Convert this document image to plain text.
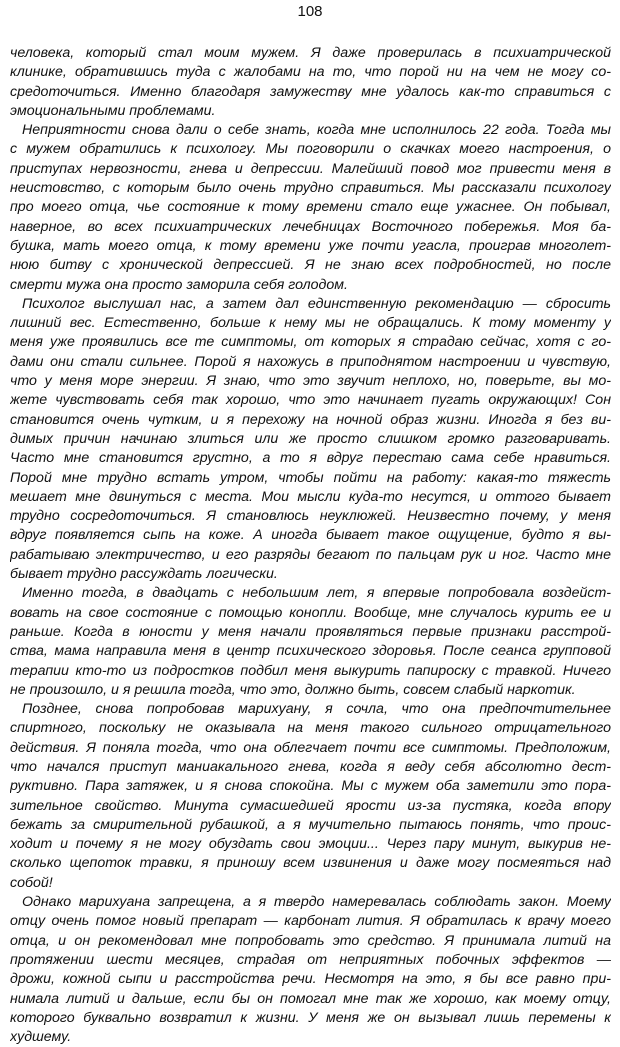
108
человека, который стал моим мужем. Я даже проверилась в психиатрической
клинике, обратившись туда с жалобами на то, что порой ни на чем не могу со-
средоточиться. Именно благодаря замужеству мне удалось как-то справиться с
эмоциональными проблемами.
Неприятности снова дали о себе знать, когда мне исполнилось 22 года. Тогда мы
с мужем обратились к психологу. Мы поговорили о скачках моего настроения, о
приступах нервозности, гнева и депрессии. Малейший повод мог привести меня в
неистовство, с которым было очень трудно справиться. Мы рассказали психологу
про моего отца, чье состояние к тому времени стало еще ужаснее. Он побывал,
наверное, во всех психиатрических лечебницах Восточного побережья. Моя ба-
бушка, мать моего отца, к тому времени уже почти угасла, проиграв многолет-
нюю битву с хронической депрессией. Я не знаю всех подробностей, но после
смерти мужа она просто заморила себя голодом.
Психолог выслушал нас, а затем дал единственную рекомендацию — сбросить
лишний вес. Естественно, больше к нему мы не обращались. К тому моменту у
меня уже проявились все те симптомы, от которых я страдаю сейчас, хотя с го-
дами они стали сильнее. Порой я нахожусь в приподнятом настроении и чувствую,
что у меня море энергии. Я знаю, что это звучит неплохо, но, поверьте, вы мо-
жете чувствовать себя так хорошо, что это начинает пугать окружающих! Сон
становится очень чутким, и я перехожу на ночной образ жизни. Иногда я без ви-
димых причин начинаю злиться или же просто слишком громко разговаривать.
Часто мне становится грустно, а то я вдруг перестаю сама себе нравиться.
Порой мне трудно встать утром, чтобы пойти на работу: какая-то тяжесть
мешает мне двинуться с места. Мои мысли куда-то несутся, и оттого бывает
трудно сосредоточиться. Я становлюсь неуклюжей. Неизвестно почему, у меня
вдруг появляется сыпь на коже. А иногда бывает такое ощущение, будто я вы-
рабатываю электричество, и его разряды бегают по пальцам рук и ног. Часто мне
бывает трудно рассуждать логически.
Именно тогда, в двадцать с небольшим лет, я впервые попробовала воздейст-
вовать на свое состояние с помощью конопли. Вообще, мне случалось курить ее и
раньше. Когда в юности у меня начали проявляться первые признаки расстрой-
ства, мама направила меня в центр психического здоровья. После сеанса групповой
терапии кто-то из подростков подбил меня выкурить папироску с травкой. Ничего
не произошло, и я решила тогда, что это, должно быть, совсем слабый наркотик.
Позднее, снова попробовав марихуану, я сочла, что она предпочтительнее
спиртного, поскольку не оказывала на меня такого сильного отрицательного
действия. Я поняла тогда, что она облегчает почти все симптомы. Предположим,
что начался приступ маниакального гнева, когда я веду себя абсолютно дест-
руктивно. Пара затяжек, и я снова спокойна. Мы с мужем оба заметили это пора-
зительное свойство. Минута сумасшедшей ярости из-за пустяка, когда впору
бежать за смирительной рубашкой, а я мучительно пытаюсь понять, что проис-
ходит и почему я не могу обуздать свои эмоции... Через пару минут, выкурив не-
сколько щепоток травки, я приношу всем извинения и даже могу посмеяться над
собой!
Однако марихуана запрещена, а я твердо намеревалась соблюдать закон. Моему
отцу очень помог новый препарат — карбонат лития. Я обратилась к врачу моего
отца, и он рекомендовал мне попробовать это средство. Я принимала литий на
протяжении шести месяцев, страдая от неприятных побочных эффектов —
дрожи, кожной сыпи и расстройства речи. Несмотря на это, я бы все равно при-
нимала литий и дальше, если бы он помогал мне так же хорошо, как моему отцу,
которого буквально возвратил к жизни. У меня же он вызывал лишь перемены к
худшему.
